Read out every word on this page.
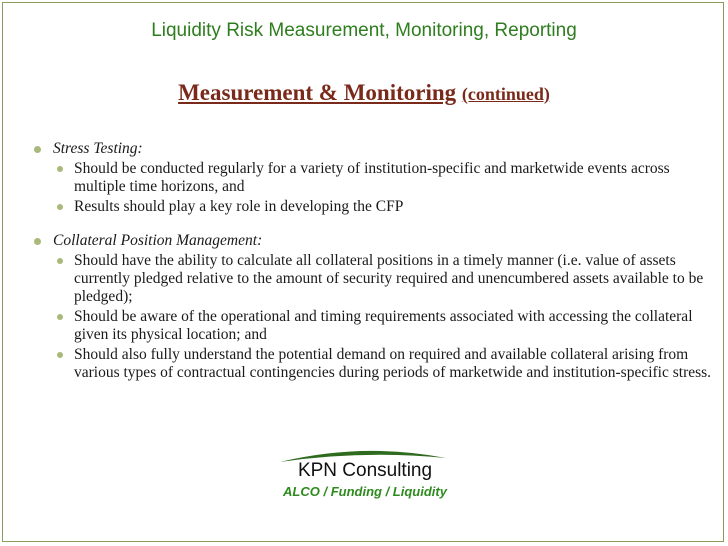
Liquidity Risk Measurement, Monitoring, Reporting
Measurement & Monitoring (continued)
Stress Testing:
Should be conducted regularly for a variety of institution-specific and marketwide events across multiple time horizons, and
Results should play a key role in developing the CFP
Collateral Position Management:
Should have the ability to calculate all collateral positions in a timely manner (i.e. value of assets currently pledged relative to the amount of security required and unencumbered assets available to be pledged);
Should be aware of the operational and timing requirements associated with accessing the collateral given its physical location; and
Should also fully understand the potential demand on required and available collateral arising from various types of contractual contingencies during periods of marketwide and institution-specific stress.
KPN Consulting
ALCO / Funding / Liquidity
